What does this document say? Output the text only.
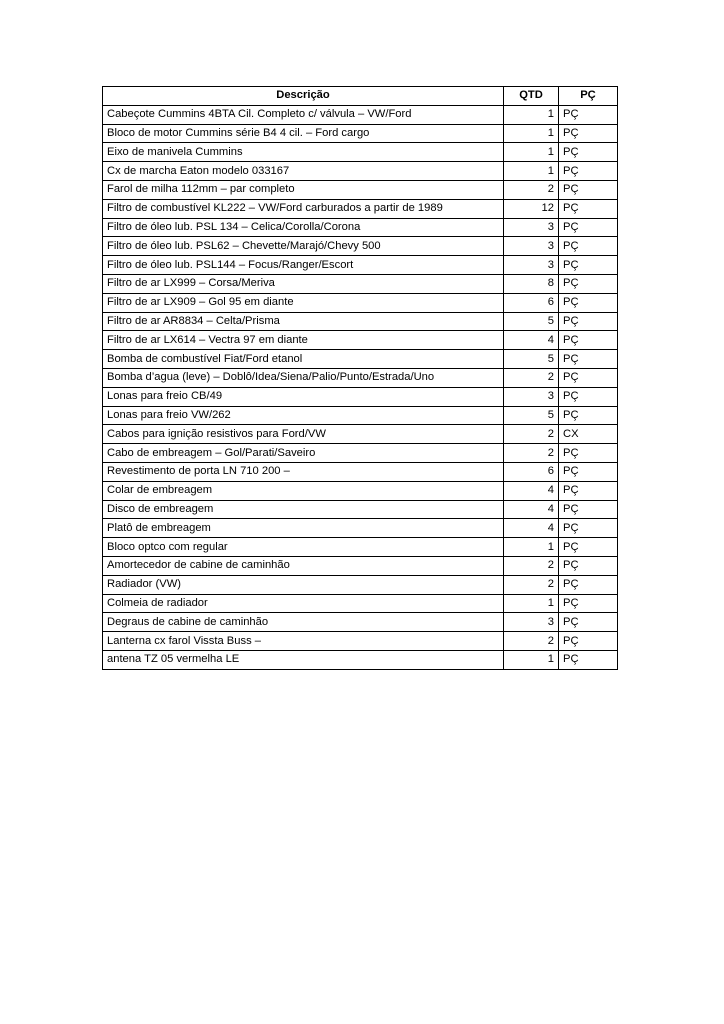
Descrição	QTD	PÇ
Cabeçote Cummins 4BTA Cil. Completo c/ válvula – VW/Ford	1	PÇ
Bloco de motor Cummins série B4 4 cil. – Ford cargo	1	PÇ
Eixo de manivela Cummins	1	PÇ
Cx de marcha Eaton modelo 033167	1	PÇ
Farol de milha 112mm – par completo	2	PÇ
Filtro de combustível KL222 – VW/Ford carburados a partir de 1989	12	PÇ
Filtro de óleo lub. PSL 134 – Celica/Corolla/Corona	3	PÇ
Filtro de óleo lub. PSL62 – Chevette/Marajó/Chevy 500	3	PÇ
Filtro de óleo lub. PSL144 – Focus/Ranger/Escort	3	PÇ
Filtro de ar LX999 – Corsa/Meriva	8	PÇ
Filtro de ar LX909 – Gol 95 em diante	6	PÇ
Filtro de ar AR8834 – Celta/Prisma	5	PÇ
Filtro de ar LX614 – Vectra 97 em diante	4	PÇ
Bomba de combustível Fiat/Ford etanol	5	PÇ
Bomba d’agua (leve) – Doblô/Idea/Siena/Palio/Punto/Estrada/Uno	2	PÇ
Lonas para freio CB/49	3	PÇ
Lonas para freio VW/262	5	PÇ
Cabos para ignição resistivos para Ford/VW	2	CX
Cabo de embreagem – Gol/Parati/Saveiro	2	PÇ
Revestimento de porta LN 710 200 –	6	PÇ
Colar de embreagem	4	PÇ
Disco de embreagem	4	PÇ
Platô de embreagem	4	PÇ
Bloco optco com regular	1	PÇ
Amortecedor de cabine de caminhão	2	PÇ
Radiador (VW)	2	PÇ
Colmeia de radiador	1	PÇ
Degraus de cabine de caminhão	3	PÇ
Lanterna cx farol Vissta Buss –	2	PÇ
antena TZ 05 vermelha LE	1	PÇ
